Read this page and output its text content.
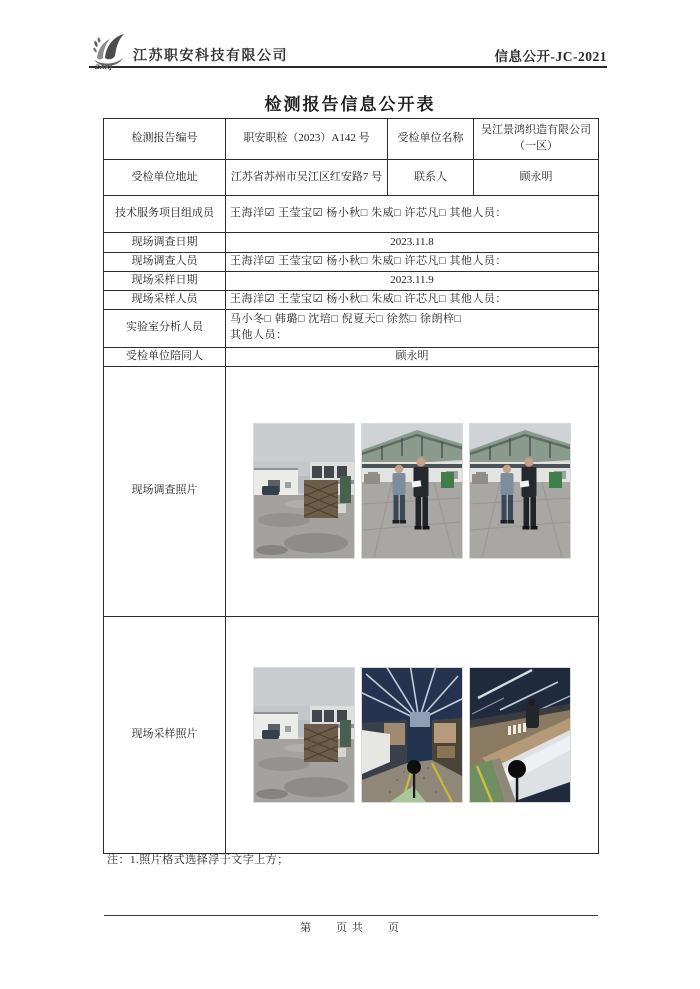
ZAKJ
江苏职安科技有限公司	信息公开-JC-2021
检测报告信息公开表
检测报告编号	职安职检（2023）A142 号	受检单位名称	吴江景鸿织造有限公司（一区）
受检单位地址	江苏省苏州市吴江区红安路7 号	联系人	顾永明
技术服务项目组成员	王海洋☑ 王莹宝☑ 杨小秋□ 朱威□ 许芯凡□ 其他人员：		
现场调查日期	2023.11.8		
现场调查人员	王海洋☑ 王莹宝☑ 杨小秋□ 朱威□ 许芯凡□ 其他人员：		
现场采样日期	2023.11.9		
现场采样人员	王海洋☑ 王莹宝☑ 杨小秋□ 朱威□ 许芯凡□ 其他人员：		
实验室分析人员	马小冬□ 韩璐□ 沈培□ 倪夏天□ 徐然□ 徐朗梓□
其他人员：		

受检单位陪同人	顾永明		
现场调查照片	

现场采样照片	
注：1.照片格式选择浮于文字上方；
第　　页 共　　页
